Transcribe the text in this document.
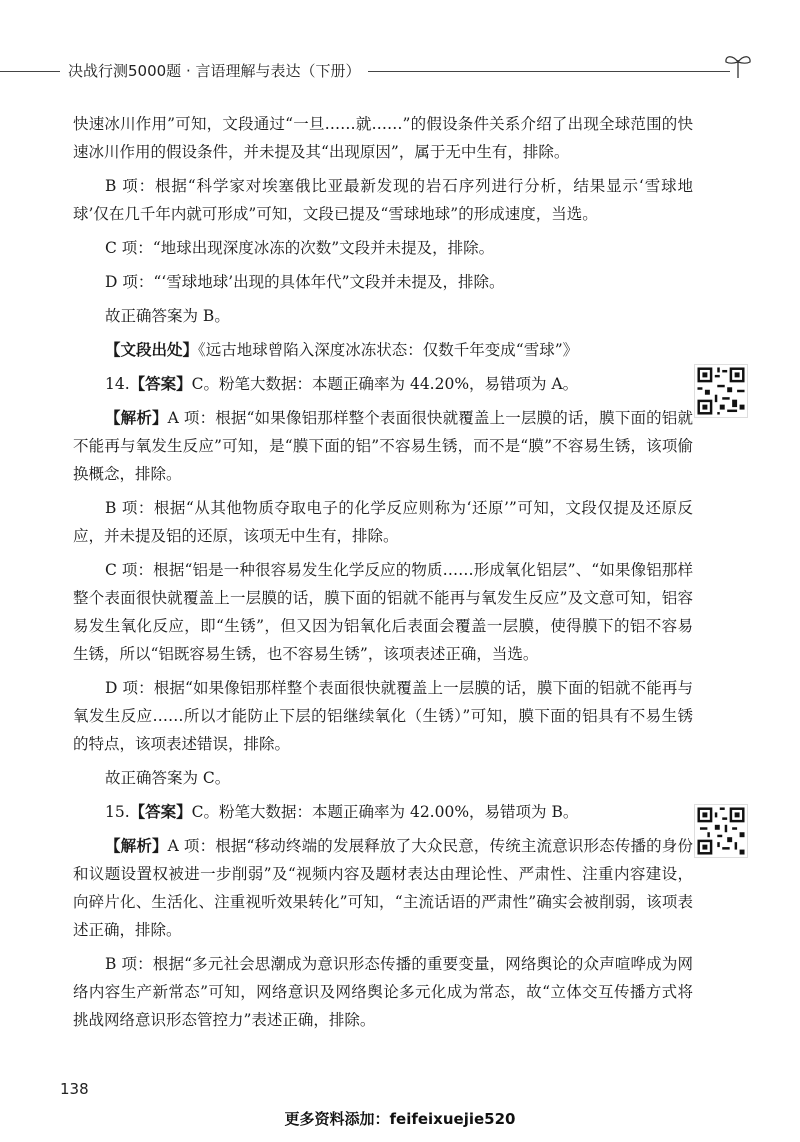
决战行测5000题 · 言语理解与表达（下册）

快速冰川作用”可知，文段通过“一旦……就……”的假设条件关系介绍了出现全球范围的快速冰川作用的假设条件，并未提及其“出现原因”，属于无中生有，排除。

B 项：根据“科学家对埃塞俄比亚最新发现的岩石序列进行分析，结果显示‘雪球地球’仅在几千年内就可形成”可知，文段已提及“雪球地球”的形成速度，当选。

C 项：“地球出现深度冰冻的次数”文段并未提及，排除。

D 项：“‘雪球地球’出现的具体年代”文段并未提及，排除。

故正确答案为 B。

【文段出处】《远古地球曾陷入深度冰冻状态：仅数千年变成“雪球”》

14.【答案】C。粉笔大数据：本题正确率为 44.20%，易错项为 A。

【解析】A 项：根据“如果像铝那样整个表面很快就覆盖上一层膜的话，膜下面的铝就不能再与氧发生反应”可知，是“膜下面的铝”不容易生锈，而不是“膜”不容易生锈，该项偷换概念，排除。

B 项：根据“从其他物质夺取电子的化学反应则称为‘还原’”可知，文段仅提及还原反应，并未提及铝的还原，该项无中生有，排除。

C 项：根据“铝是一种很容易发生化学反应的物质……形成氧化铝层”、“如果像铝那样整个表面很快就覆盖上一层膜的话，膜下面的铝就不能再与氧发生反应”及文意可知，铝容易发生氧化反应，即“生锈”，但又因为铝氧化后表面会覆盖一层膜，使得膜下的铝不容易生锈，所以“铝既容易生锈，也不容易生锈”，该项表述正确，当选。

D 项：根据“如果像铝那样整个表面很快就覆盖上一层膜的话，膜下面的铝就不能再与氧发生反应……所以才能防止下层的铝继续氧化（生锈）”可知，膜下面的铝具有不易生锈的特点，该项表述错误，排除。

故正确答案为 C。

15.【答案】C。粉笔大数据：本题正确率为 42.00%，易错项为 B。

【解析】A 项：根据“移动终端的发展释放了大众民意，传统主流意识形态传播的身份和议题设置权被进一步削弱”及“视频内容及题材表达由理论性、严肃性、注重内容建设，向碎片化、生活化、注重视听效果转化”可知，“主流话语的严肃性”确实会被削弱，该项表述正确，排除。

B 项：根据“多元社会思潮成为意识形态传播的重要变量，网络舆论的众声喧哗成为网络内容生产新常态”可知，网络意识及网络舆论多元化成为常态，故“立体交互传播方式将挑战网络意识形态管控力”表述正确，排除。

138
更多资料添加：feifeixuejie520
